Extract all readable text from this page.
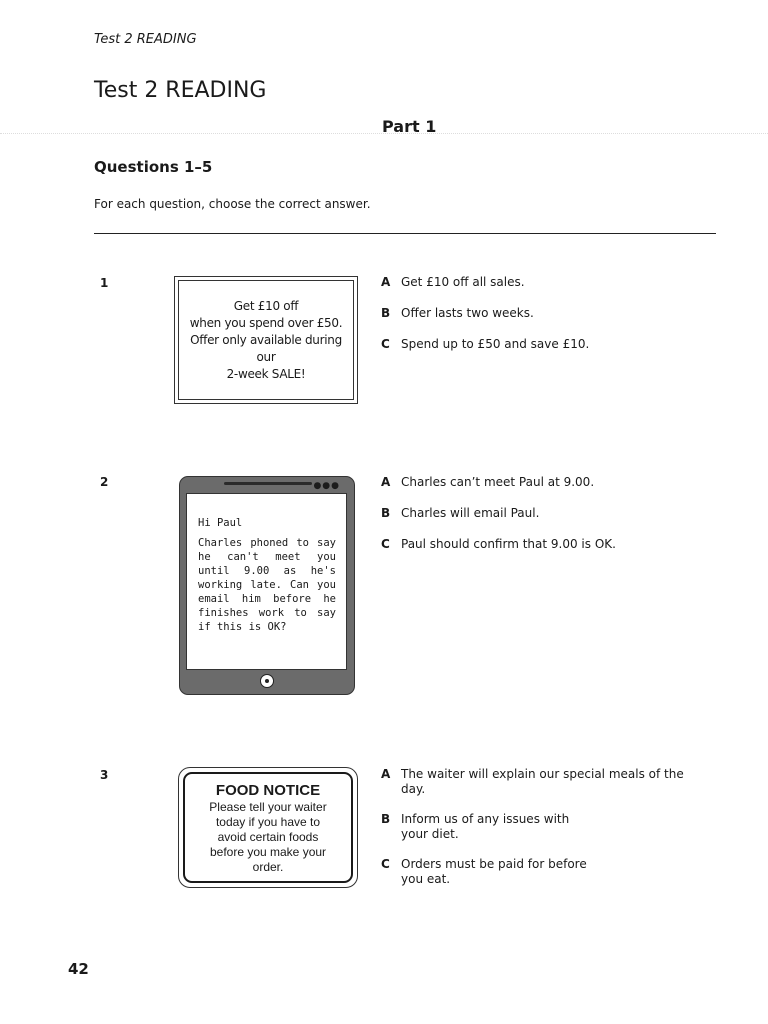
Test 2 READING
Test 2 READING
Part 1
Questions 1–5
For each question, choose the correct answer.
1
Get £10 off
when you spend over £50.
Offer only available during our
2-week SALE!
A Get £10 off all sales.
B Offer lasts two weeks.
C Spend up to £50 and save £10.
2	●●●
Hi Paul
Charles phoned to say he can't meet you until 9.00 as he's working late. Can you email him before he finishes work to say if this is OK?
A Charles can’t meet Paul at 9.00.
B Charles will email Paul.
C Paul should confirm that 9.00 is OK.
3
FOOD NOTICE
Please tell your waiter
today if you have to
avoid certain foods
before you make your
order.
A The waiter will explain our special meals of the day.
B Inform us of any issues with your diet.
C Orders must be paid for before you eat.
42
